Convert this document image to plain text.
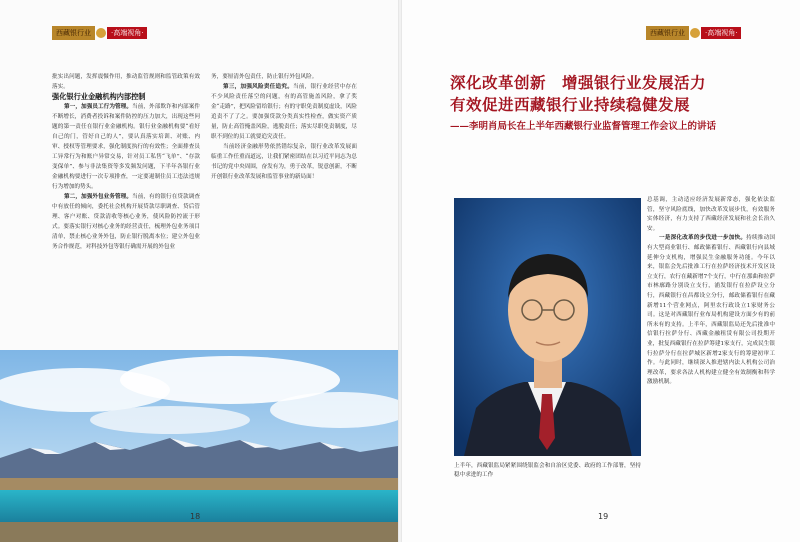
西藏银行业	·高端视角·

批实出问题，发挥震慑作用，推动监管规则和监管政策有效落实。

强化银行业金融机构内部控制

第一，加强员工行为管理。当前，外部欺诈和内部案件不断增长，消费者投诉和案件防控的压力加大，出现这些问题的第一责任在银行业金融机构。银行业金融机构要“看好自己的门，管好自己的人”，要认真落实培训、对账、内审、授权等管理要求，强化制度执行的有效性；全面排查员工异常行为和账户异常交易，针对员工私售“飞单”、“存款变保单”、参与非法集资等多发频发问题，下半年各银行业金融机构要进行一次专项排查，一定要遏制住员工违法违规行为增加的势头。

第二，加强外包业务管理。当前，有的银行在贷款调查中有放任的倾向，委托社会机构开展贷款尽职调查、贷后管理、客户对账、贷款清收等核心业务，使风险防控流于形式。要落实银行对核心业务的经营责任，梳理外包业务项目清单，禁止核心业务外包，防止银行脱离本位；建立外包业务合作规范，对科技外包等银行确需开展的外包业

务，要厘清外包责任，防止银行外包风险。

第三，加强风险责任追究。当前，银行业经营中存在不少风险责任落空的问题，有的高管施盖风险，拿了奖金“走路”，把风险留给银行；有的守职免责制度虚设，风险追责不了了之。要加强贷款分类真实性检查，做实资产质量，防止高管掩盖风险，逃脱责任；落实尽职免责制度，尽职不到位的员工就要追究责任。

当前经济金融形势依然错综复杂，银行业改革发展面临重工作任重而道远，让我们紧密团结在以习近平同志为总书记的党中央周围，奋发有为，勇于改革，锐意创新，不断开创银行业改革发展和监管事业的新局面！

18
西藏银行业	·高端视角·
深化改革创新　增强银行业发展活力
有效促进西藏银行业持续稳健发展
——李明肖局长在上半年西藏银行业监督管理工作会议上的讲话
上半年，西藏银监局紧紧围绕银监会和自治区党委、政府的工作部署，坚持稳中求进的工作

总基调，主动适应经济发展新常态，强化依法监管，坚守风险底线，加快改革发展步伐，有效服务实体经济，有力支持了西藏经济发展和社会长治久安。

一是深化改革的步伐进一步加快。持续推动国有大型商业银行、邮政储蓄银行、西藏银行向县域延伸分支机构，增强民生金融服务功能。今年以来，银监会先后批准工行在拉萨经济技术开发区设立支行，农行在藏新增7个支行，中行在那曲和拉萨市林廓路分别设立支行，浦发银行在拉萨设立分行，西藏银行在昌都设立分行，邮政储蓄银行在藏新增11个营业网点，阿里农行政设立1家财务公司。这是对西藏银行业布局机构建设方面少有的前所未有的支持。上半年，西藏银监局还先后批准中信银行拉萨分行、西藏金融租赁有限公司投期开业，批复西藏银行在拉萨筹建1家支行，完成民生银行拉萨分行在拉萨城区新增2家支行的筹建初审工作。与此同时，继续深入推进辖内法人机构公司治理改革，要求各法人机构建立健全有效制衡和科学激励机制。

19
